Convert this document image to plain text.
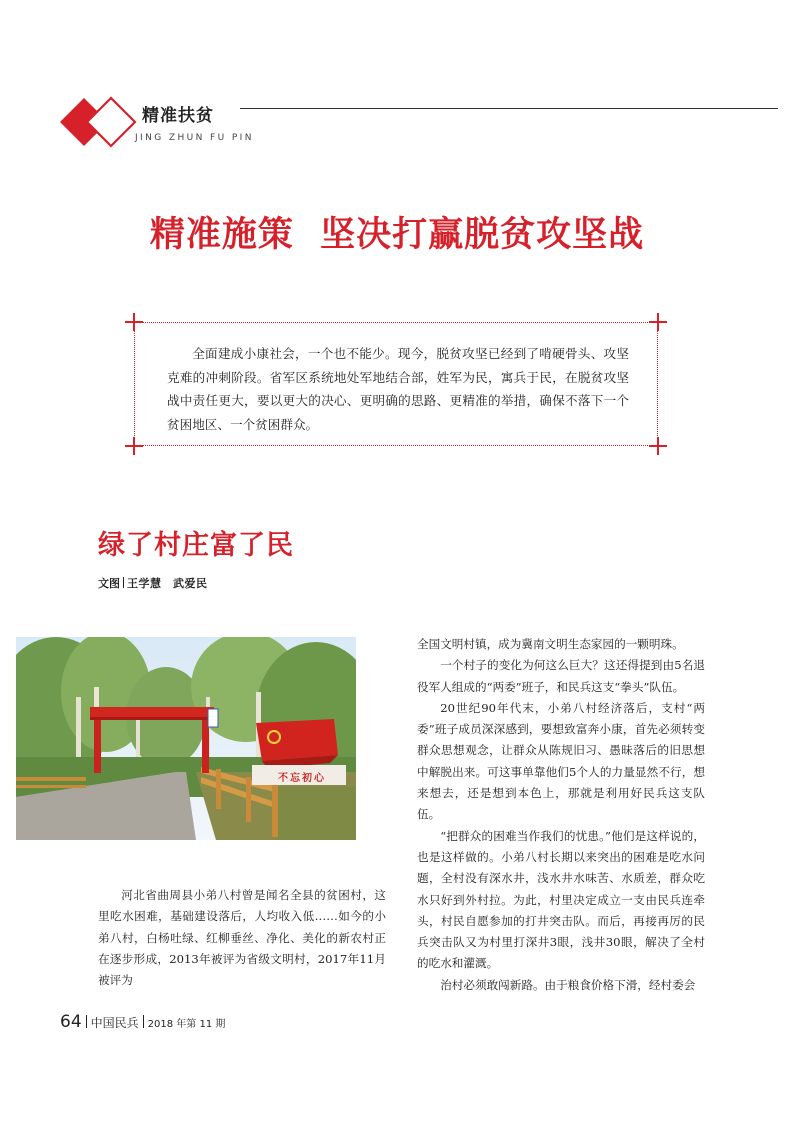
精准扶贫
JING ZHUN FU PIN
精准施策  坚决打赢脱贫攻坚战

全面建成小康社会，一个也不能少。现今，脱贫攻坚已经到了啃硬骨头、攻坚克难的冲刺阶段。省军区系统地处军地结合部，姓军为民，寓兵于民，在脱贫攻坚战中责任更大，要以更大的决心、更明确的思路、更精准的举措，确保不落下一个贫困地区、一个贫困群众。

绿了村庄富了民
文图 王学慧　武爱民
不忘初心

河北省曲周县小弟八村曾是闻名全县的贫困村，这里吃水困难，基础建设落后，人均收入低……如今的小弟八村，白杨吐绿、红柳垂丝、净化、美化的新农村正在逐步形成，2013年被评为省级文明村，2017年11月被评为

全国文明村镇，成为冀南文明生态家园的一颗明珠。

一个村子的变化为何这么巨大？这还得提到由5名退役军人组成的“两委”班子，和民兵这支“拳头”队伍。

20世纪90年代末，小弟八村经济落后，支村“两委”班子成员深深感到，要想致富奔小康，首先必须转变群众思想观念，让群众从陈规旧习、愚昧落后的旧思想中解脱出来。可这事单靠他们5个人的力量显然不行，想来想去，还是想到本色上，那就是利用好民兵这支队伍。

“把群众的困难当作我们的忧患。”他们是这样说的，也是这样做的。小弟八村长期以来突出的困难是吃水问题，全村没有深水井，浅水井水味苦、水质差，群众吃水只好到外村拉。为此，村里决定成立一支由民兵连牵头，村民自愿参加的打井突击队。而后，再接再厉的民兵突击队又为村里打深井3眼，浅井30眼，解决了全村的吃水和灌溉。

治村必须敢闯新路。由于粮食价格下滑，经村委会

64 中国民兵 2018 年第 11 期
